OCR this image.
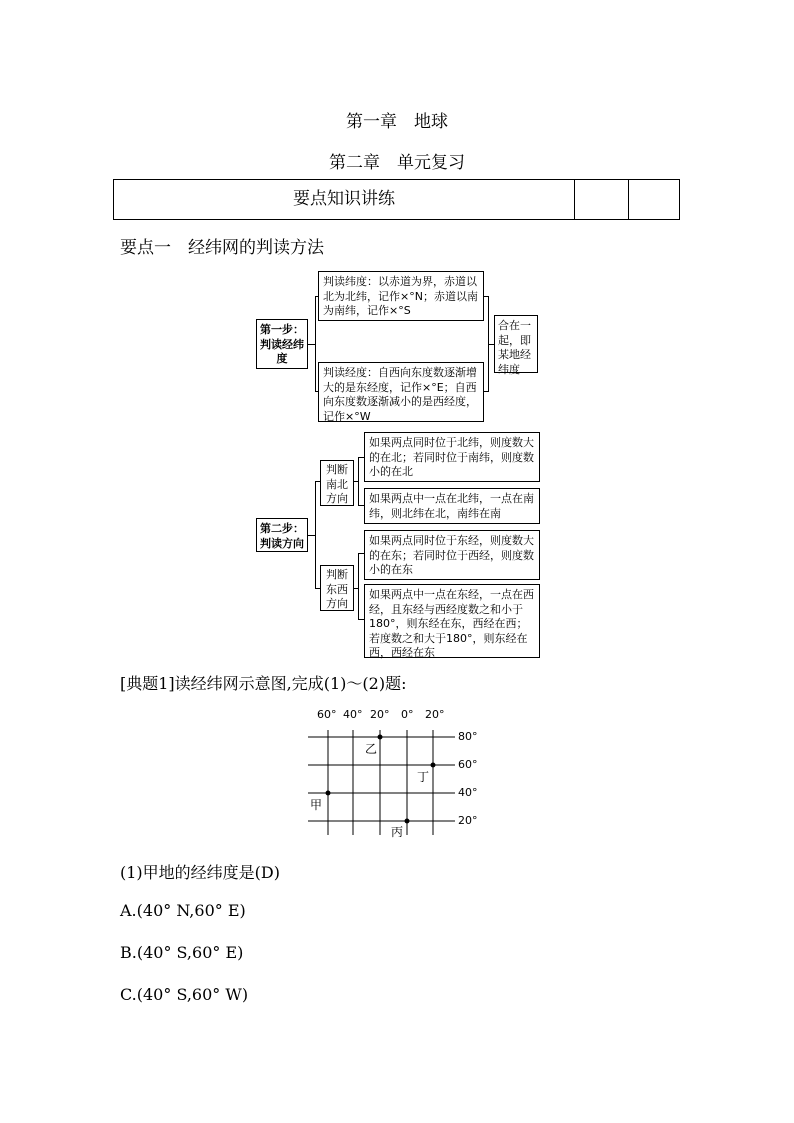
第一章　地球
第二章　单元复习
要点知识讲练
要点一　经纬网的判读方法
第一步：判读经纬度
判读纬度：以赤道为界，赤道以北为北纬，记作×°N；赤道以南为南纬，记作×°S
判读经度：自西向东度数逐渐增大的是东经度，记作×°E；自西向东度数逐渐减小的是西经度，记作×°W
合在一起，即某地经纬度
第二步：判读方向
判断南北方向
判断东西方向
如果两点同时位于北纬，则度数大的在北；若同时位于南纬，则度数小的在北
如果两点中一点在北纬，一点在南纬，则北纬在北，南纬在南
如果两点同时位于东经，则度数大的在东；若同时位于西经，则度数小的在东
如果两点中一点在东经，一点在西经，且东经与西经度数之和小于180°，则东经在东，西经在西；若度数之和大于180°，则东经在西，西经在东
[典题1]读经纬网示意图,完成(1)～(2)题:
60° 40° 20° 0° 20°
80°
60°
40°
20°
乙
丁
甲
丙
(1)甲地的经纬度是(D)
A.(40° N,60° E)
B.(40° S,60° E)
C.(40° S,60° W)
